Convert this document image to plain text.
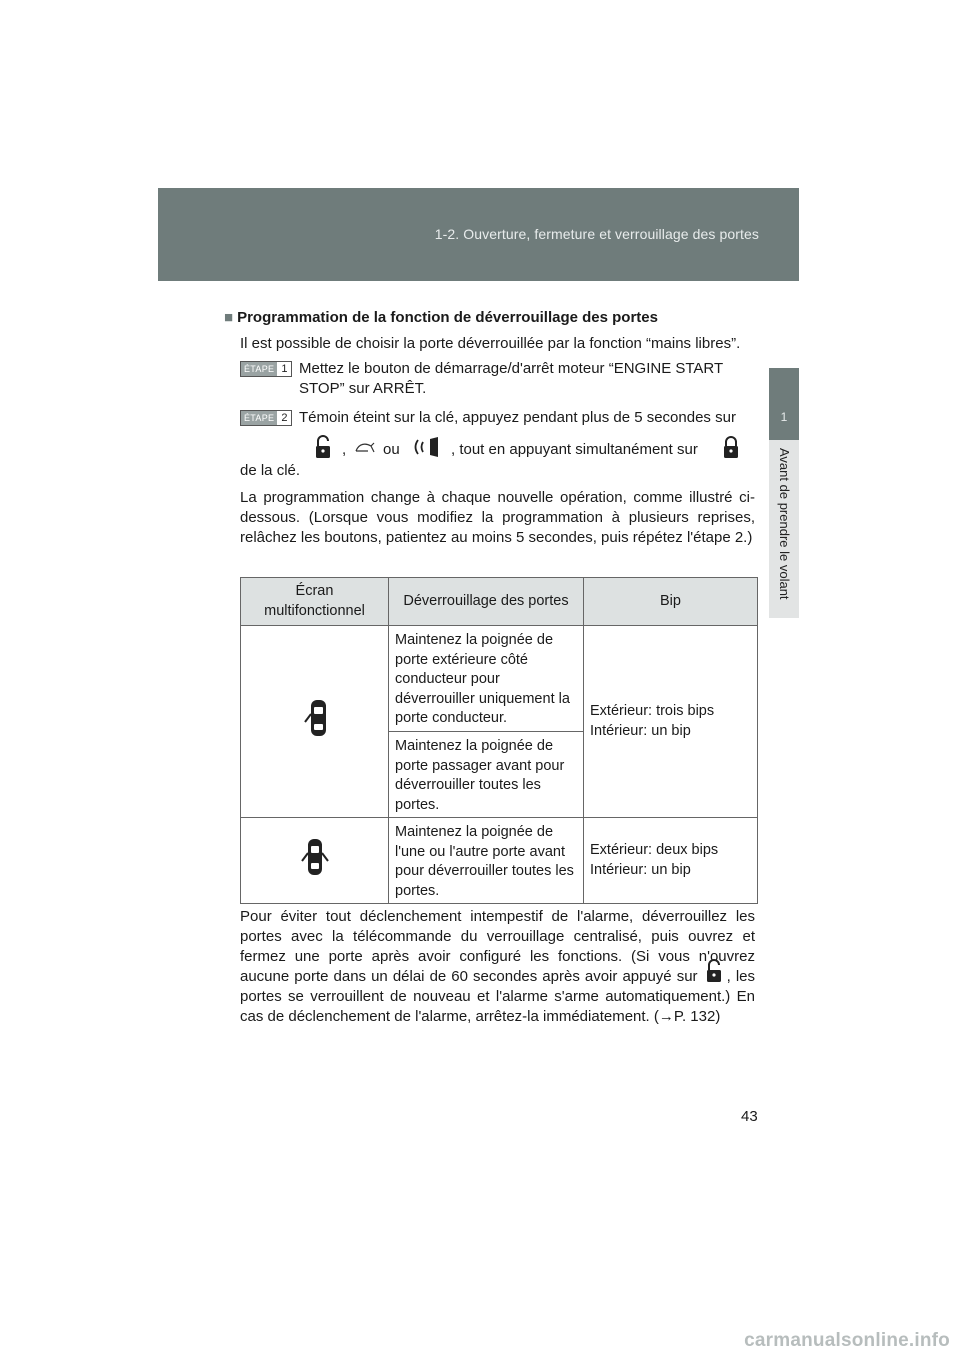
1-2. Ouverture, fermeture et verrouillage des portes
1
Avant de prendre le volant
■ Programmation de la fonction de déverrouillage des portes
Il est possible de choisir la porte déverrouillée par la fonction “mains libres”.
ÉTAPE 1 Mettez le bouton de démarrage/d'arrêt moteur “ENGINE START
STOP” sur ARRÊT.
ÉTAPE 2 Témoin éteint sur la clé, appuyez pendant plus de 5 secondes sur
, ou	, tout en appuyant simultanément sur
de la clé.
La programmation change à chaque nouvelle opération, comme illustré ci-dessous. (Lorsque vous modifiez la programmation à plusieurs reprises, relâchez les boutons, patientez au moins 5 secondes, puis répétez l'étape 2.)
Écran multifonctionnel	Déverrouillage des portes	Bip
	Maintenez la poignée de porte extérieure côté conducteur pour déverrouiller uniquement la porte conducteur.	Extérieur: trois bips
Intérieur: un bip

	Maintenez la poignée de porte passager avant pour déverrouiller toutes les portes.	
	Maintenez la poignée de l'une ou l'autre porte avant pour déverrouiller toutes les portes.	Extérieur: deux bips
Intérieur: un bip
Pour éviter tout déclenchement intempestif de l'alarme, déverrouillez les portes avec la télécommande du verrouillage centralisé, puis ouvrez et fermez une porte après avoir configuré les fonctions. (Si vous n'ouvrez aucune porte dans un délai de 60 secondes après avoir appuyé sur , les portes se verrouillent de nouveau et l'alarme s'arme automatiquement.) En cas de déclenchement de l'alarme, arrêtez-la immédiatement. (→P. 132)
43
carmanualsonline.info
